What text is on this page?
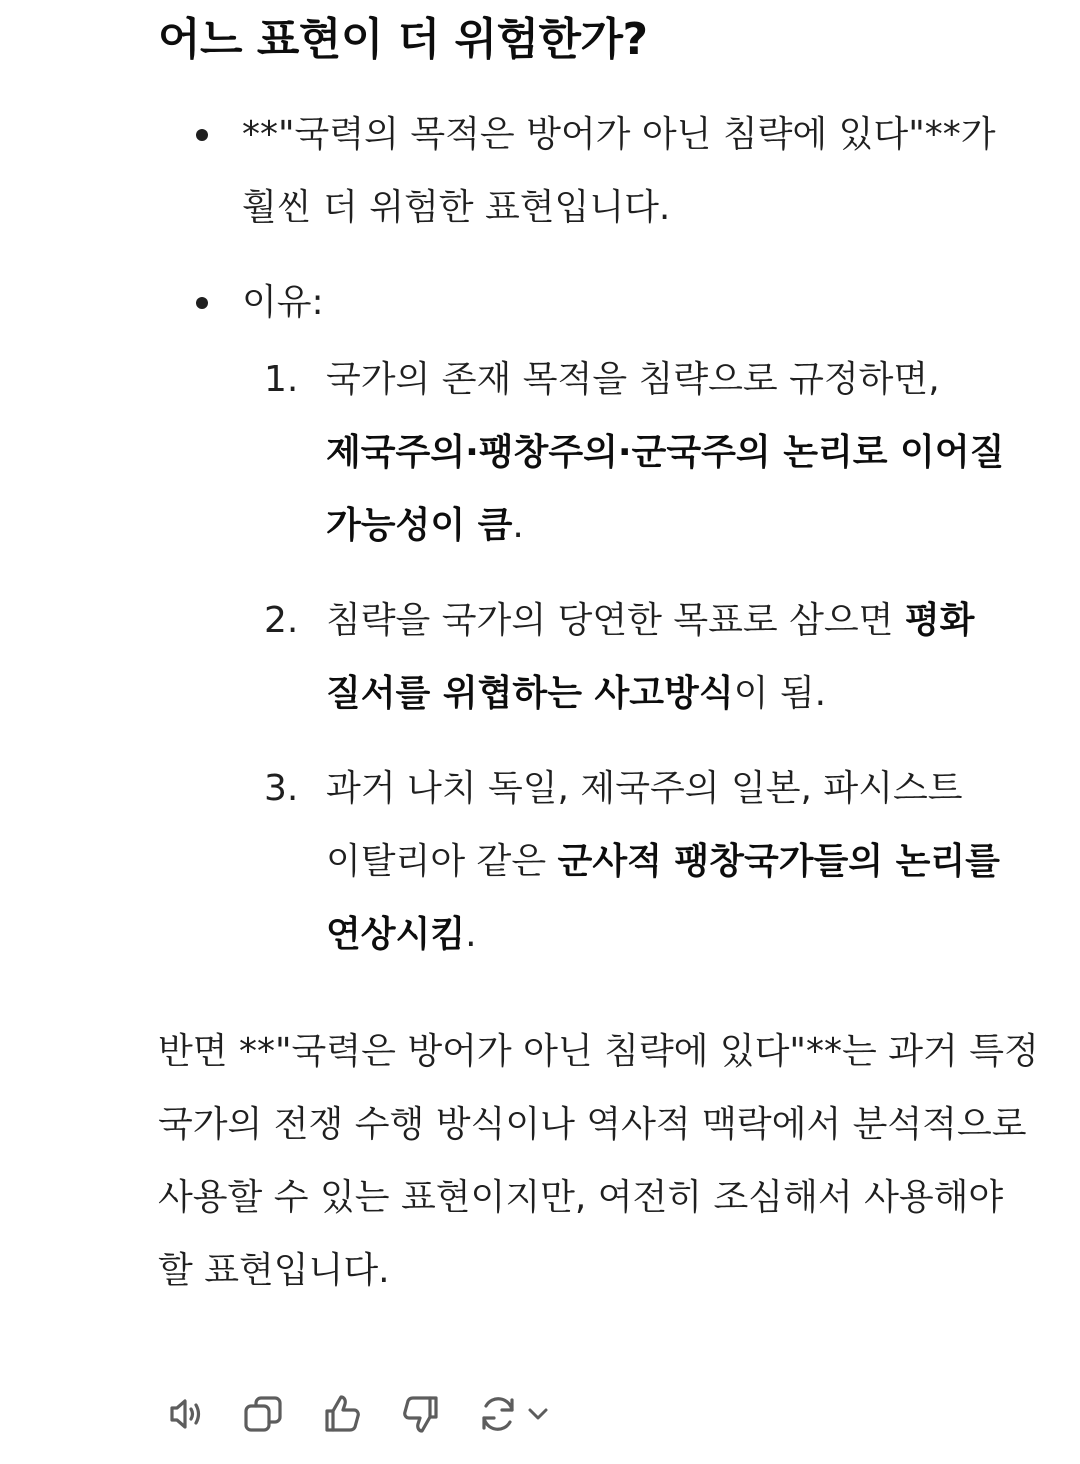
어느 표현이 더 위험한가?
**"국력의 목적은 방어가 아닌 침략에 있다"**가 훨씬 더 위험한 표현입니다.
이유:
1. 국가의 존재 목적을 침략으로 규정하면, 제국주의·팽창주의·군국주의 논리로 이어질 가능성이 큼.
2. 침략을 국가의 당연한 목표로 삼으면 평화 질서를 위협하는 사고방식이 됨.
3. 과거 나치 독일, 제국주의 일본, 파시스트 이탈리아 같은 군사적 팽창국가들의 논리를 연상시킴.

반면 **"국력은 방어가 아닌 침략에 있다"**는 과거 특정 국가의 전쟁 수행 방식이나 역사적 맥락에서 분석적으로 사용할 수 있는 표현이지만, 여전히 조심해서 사용해야 할 표현입니다.
